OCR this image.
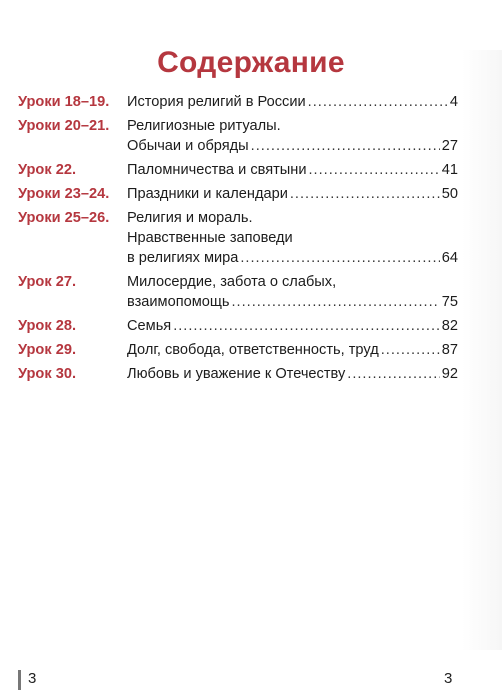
Содержание
Уроки 18–19. История религий в России .....	4
Уроки 20–21. Религиозные ритуалы.
Обычаи и обряды .....	27
Урок 22.	Паломничества и святыни .....	41
Уроки 23–24. Праздники и календари .....	50
Уроки 25–26. Религия и мораль.
Нравственные заповеди
в религиях мира .....	64
Урок 27.	Милосердие, забота о слабых,
взаимопомощь .....	75
Урок 28.	Семья .....	82
Урок 29.	Долг, свобода, ответственность, труд .....	87
Урок 30.	Любовь и уважение к Отечеству .....	92
3	3
